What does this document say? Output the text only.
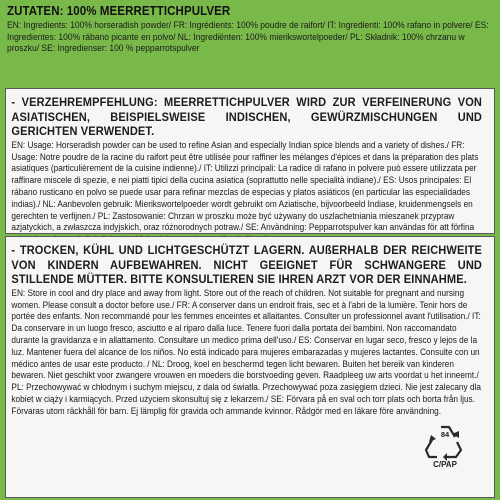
ZUTATEN: 100% MEERRETTICHPULVER
EN: Ingredients: 100% horseradish powder/ FR: Ingrédients: 100% poudre de raifort/ IT: Ingredienti: 100% rafano in polvere/ ES: Ingredientes: 100% rábano picante en polvo/ NL: Ingrediënten: 100% mierikswortelpoeder/ PL: Składnik: 100% chrzanu w proszku/ SE: Ingredienser: 100 % pepparrotspulver
- VERZEHREMPFEHLUNG: MEERRETTICHPULVER WIRD ZUR VERFEINERUNG VON ASIATISCHEN, BEISPIELSWEISE INDISCHEN, GEWÜRZMISCHUNGEN UND GERICHTEN VERWENDET.
EN: Usage: Horseradish powder can be used to refine Asian and especially Indian spice blends and a variety of dishes./ FR: Usage: Notre poudre de la racine du raifort peut être utilisée pour raffiner les mélanges d'épices et dans la préparation des plats asiatiques (particulièrement de la cuisine indienne)./ IT: Utilizzi principali: La radice di rafano in polvere può essere utilizzata per raffinare miscele di spezie, e nei piatti tipici della cucina asiatica (soprattutto nelle specialità indiane)./ ES: Usos principales: El rábano rusticano en polvo se puede usar para refinar mezclas de especias y platos asiáticos (en particular las especialidades indias)./ NL: Aanbevolen gebruik: Mierikswortelpoeder wordt gebruikt om Aziatische, bijvoorbeeld Indiase, kruidenmengsels en gerechten te verfijnen./ PL: Zastosowanie: Chrzan w proszku może być używany do uszlachetniania mieszanek przypraw azjatyckich, a zwłaszcza indyjskich, oraz różnorodnych potraw./ SE: Användning: Pepparrotspulver kan användas för att förfina
- TROCKEN, KÜHL UND LICHTGESCHÜTZT LAGERN. AUßERHALB DER REICHWEITE VON KINDERN AUFBEWAHREN. NICHT GEEIGNET FÜR SCHWANGERE UND STILLENDE MÜTTER. BITTE KONSULTIEREN SIE IHREN ARZT VOR DER EINNAHME.
EN: Store in cool and dry place and away from light. Store out of the reach of children. Not suitable for pregnant and nursing women. Please consult a doctor before use./ FR: A conserver dans un endroit frais, sec et à l'abri de la lumière. Tenir hors de portée des enfants. Non recommandé pour les femmes enceintes et allaitantes. Consulter un professionnel avant l'utilisation./ IT: Da conservare in un luogo fresco, asciutto e al riparo dalla luce. Tenere fuori dalla portata dei bambini. Non raccomandato durante la gravidanza e in allattamento. Consultare un medico prima dell'uso./ ES: Conservar en lugar seco, fresco y lejos de la luz. Mantener fuera del alcance de los niños. No está indicado para mujeres embarazadas y mujeres lactantes. Consulte con un médico antes de usar este producto. / NL: Droog, koel en beschermd tegen licht bewaren. Buiten het bereik van kinderen bewaren. Niet geschikt voor zwangere vrouwen en moeders die borstvoeding geven. Raadpleeg uw arts voordat u het inneemt./ PL: Przechowywać w chłodnym i suchym miejscu, z dala od światła. Przechowywać poza zasięgiem dzieci. Nie jest zalecany dla kobiet w ciąży i karmiących. Przed użyciem skonsultuj się z lekarzem./ SE: Förvara på en sval och torr plats och borta från ljus. Förvaras utom räckhåll för barn. Ej lämplig för gravida och ammande kvinnor. Rådgör med en läkare före användning.
84
C/PAP
